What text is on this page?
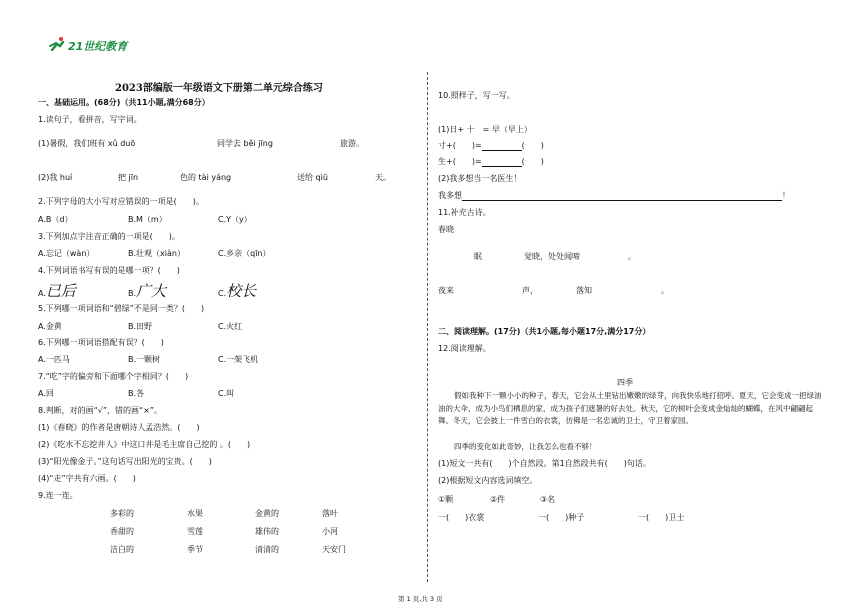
21世纪教育
2023部编版一年级语文下册第二单元综合练习
一、基础运用。(68分)（共11小题,满分68分）
1.读句子，看拼音，写字词。
(1)暑假，我们班有 xǔ duō	同学去 běi jīng	旅游。
(2)我 huí	把 jīn	色的 tài yáng	送给 qiū	天。
2.下列字母的大小写对应错误的一项是(　　)。
A.B（d）	B.M（m）	C.Y（y）
3.下列加点字注音正确的一项是(　　)。
A.忘记（wàn）	B.壮观（xiàn）	C.乡亲（qīn）
4.下列词语书写有误的是哪一项？(　　)
A.已后	B.广大	C.校长
5.下列哪一项词语和“碧绿”不是同一类？(　　)
A.金黄	B.田野	C.火红
6.下列哪一项词语搭配有误？(　　)
A.一匹马	B.一颗树	C.一架飞机
7.“吃”字的偏旁和下面哪个字相同？(　　)
A.回	B.各	C.叫
8.判断，对的画“√”，错的画“×”。
(1)《春晓》的作者是唐朝诗人孟浩然。(　　)
(2)《吃水不忘挖井人》中这口井是毛主席自己挖的 。(　　)
(3)“阳光像金子。”这句话写出阳光的宝贵。(　　)
(4)“走”字共有六画。(　　)
9.连一连。
多彩的	水果	金黄的	落叶
香甜的	雪莲	雄伟的	小河
洁白的	季节	清清的	天安门
10.照样子，写一写。
(1)日+ 十　= 早（早上）
寸+(　　)=	(　　)
生+(　　)=	(　　)
(2)我多想当一名医生！
我多想	！
11.补充古诗。
春晓
眠	觉晓，处处闻啼	。
夜来	声，	落知	。
二、阅读理解。(17分)（共1小题,每小题17分,满分17分）
12.阅读理解。
四季
假如我种下一颗小小的种子，春天，它会从土里钻出嫩嫩的绿芽，向我快乐地打招呼。夏天，它会变成一把绿油油的大伞，成为小鸟们栖息的家，成为孩子们遮暑的好去处。秋天，它的树叶会变成金灿灿的蝴蝶，在风中翩翩起舞。冬天，它会披上一件雪白的衣裳，仿佛是一名忠诚的卫士，守卫着家园。
四季的变化如此奇妙，让我怎么也看不够！
(1)短文一共有(　　)个自然段。第1自然段共有(　　)句话。
(2)根据短文内容选词填空。
①颗	②件	③名
一(　　)衣裳	一(　　)种子	一(　　)卫士
第 1 页,共 3 页
